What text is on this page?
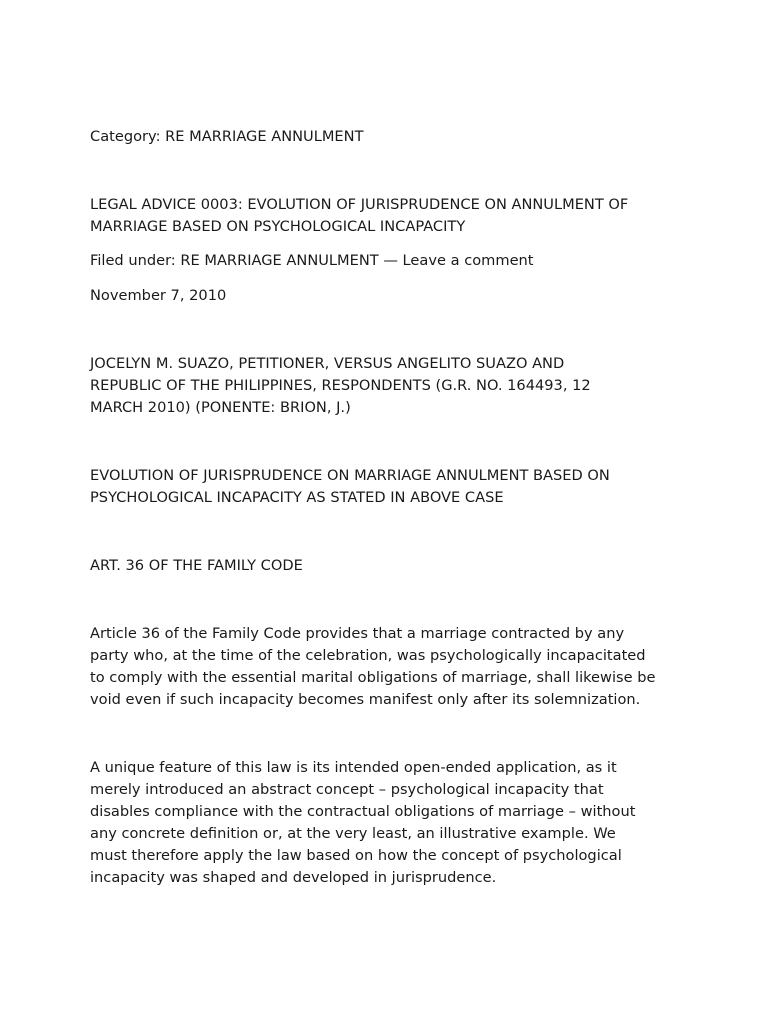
Category: RE MARRIAGE ANNULMENT

LEGAL ADVICE 0003: EVOLUTION OF JURISPRUDENCE ON ANNULMENT OF

MARRIAGE BASED ON PSYCHOLOGICAL INCAPACITY

Filed under: RE MARRIAGE ANNULMENT — Leave a comment

November 7, 2010

JOCELYN M. SUAZO, PETITIONER, VERSUS ANGELITO SUAZO AND

REPUBLIC OF THE PHILIPPINES, RESPONDENTS (G.R. NO. 164493, 12

MARCH 2010) (PONENTE: BRION, J.)

EVOLUTION OF JURISPRUDENCE ON MARRIAGE ANNULMENT BASED ON

PSYCHOLOGICAL INCAPACITY AS STATED IN ABOVE CASE

ART. 36 OF THE FAMILY CODE

Article 36 of the Family Code provides that a marriage contracted by any

party who, at the time of the celebration, was psychologically incapacitated

to comply with the essential marital obligations of marriage, shall likewise be

void even if such incapacity becomes manifest only after its solemnization.

A unique feature of this law is its intended open-ended application, as it

merely introduced an abstract concept – psychological incapacity that

disables compliance with the contractual obligations of marriage – without

any concrete definition or, at the very least, an illustrative example. We

must therefore apply the law based on how the concept of psychological

incapacity was shaped and developed in jurisprudence.
